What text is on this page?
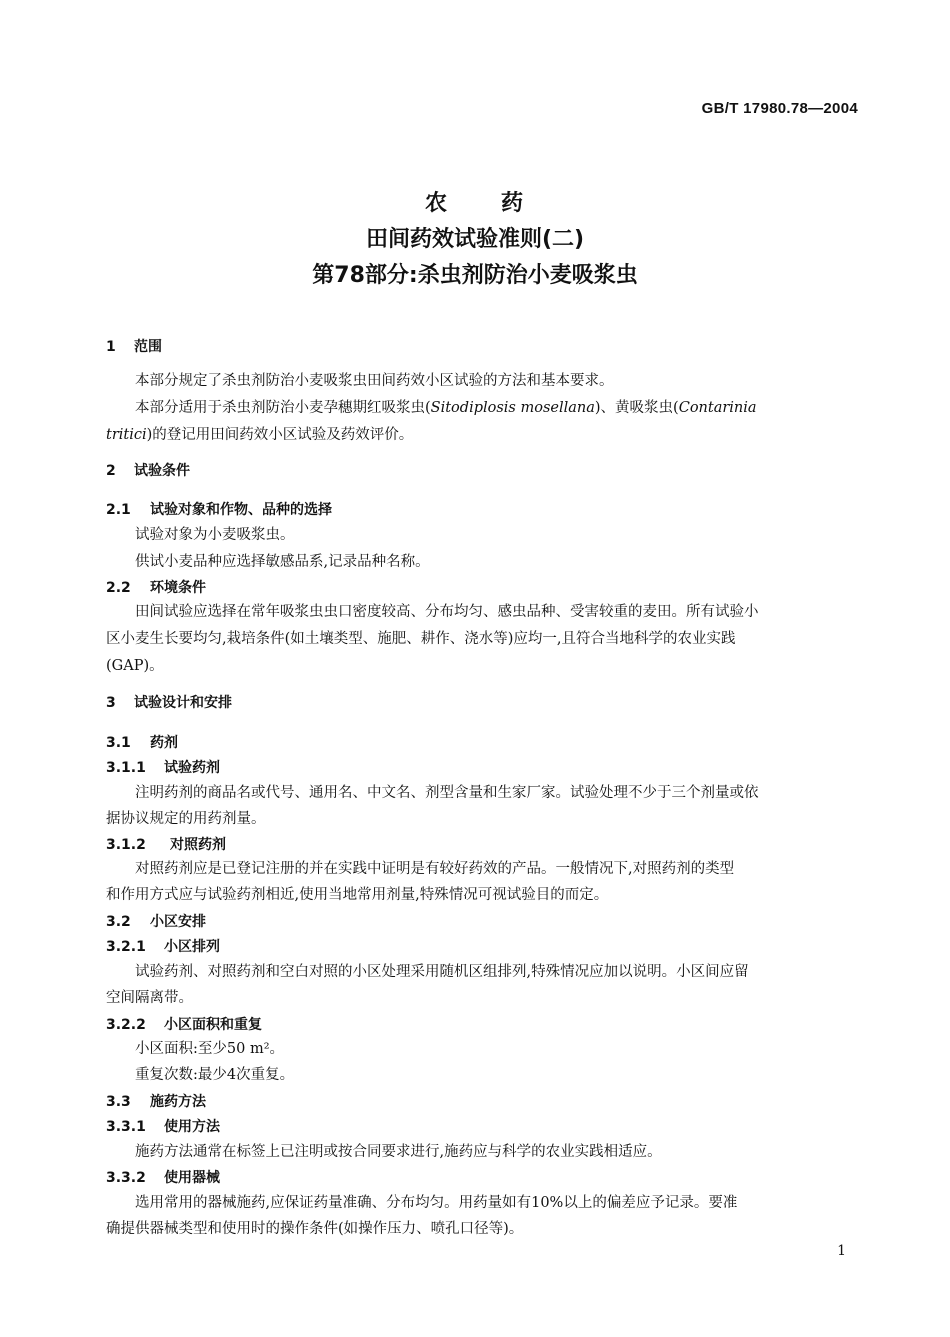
GB/T 17980.78—2004
农 药
田间药效试验准则(二)
第78部分:杀虫剂防治小麦吸浆虫
1 范围
本部分规定了杀虫剂防治小麦吸浆虫田间药效小区试验的方法和基本要求。
本部分适用于杀虫剂防治小麦孕穗期红吸浆虫(Sitodiplosis mosellana)、黄吸浆虫(Contarinia
tritici)的登记用田间药效小区试验及药效评价。
2 试验条件
2.1 试验对象和作物、品种的选择
试验对象为小麦吸浆虫。
供试小麦品种应选择敏感品系,记录品种名称。
2.2 环境条件
田间试验应选择在常年吸浆虫虫口密度较高、分布均匀、感虫品种、受害较重的麦田。所有试验小
区小麦生长要均匀,栽培条件(如土壤类型、施肥、耕作、浇水等)应均一,且符合当地科学的农业实践
(GAP)。
3 试验设计和安排
3.1 药剂
3.1.1 试验药剂
注明药剂的商品名或代号、通用名、中文名、剂型含量和生家厂家。试验处理不少于三个剂量或依
据协议规定的用药剂量。
3.1.2 对照药剂
对照药剂应是已登记注册的并在实践中证明是有较好药效的产品。一般情况下,对照药剂的类型
和作用方式应与试验药剂相近,使用当地常用剂量,特殊情况可视试验目的而定。
3.2 小区安排
3.2.1 小区排列
试验药剂、对照药剂和空白对照的小区处理采用随机区组排列,特殊情况应加以说明。小区间应留
空间隔离带。
3.2.2 小区面积和重复
小区面积:至少50 m²。
重复次数:最少4次重复。
3.3 施药方法
3.3.1 使用方法
施药方法通常在标签上已注明或按合同要求进行,施药应与科学的农业实践相适应。
3.3.2 使用器械
选用常用的器械施药,应保证药量准确、分布均匀。用药量如有10%以上的偏差应予记录。要准
确提供器械类型和使用时的操作条件(如操作压力、喷孔口径等)。
1
